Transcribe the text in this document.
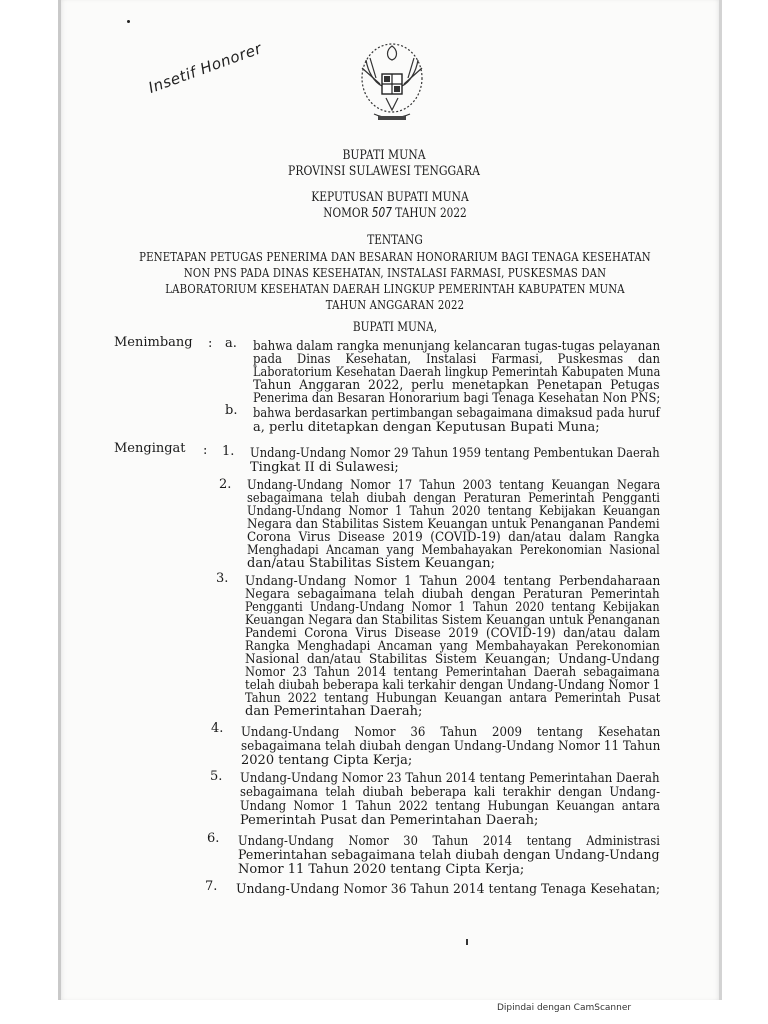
Insetif Honorer
BUPATI MUNA
PROVINSI SULAWESI TENGGARA
KEPUTUSAN BUPATI MUNA
NOMOR 507 TAHUN 2022
TENTANG
PENETAPAN PETUGAS PENERIMA DAN BESARAN HONORARIUM BAGI TENAGA KESEHATAN
NON PNS PADA DINAS KESEHATAN, INSTALASI FARMASI, PUSKESMAS DAN
LABORATORIUM KESEHATAN DAERAH LINGKUP PEMERINTAH KABUPATEN MUNA
TAHUN ANGGARAN 2022
BUPATI MUNA,
Menimbang : a. bahwa dalam rangka menunjang kelancaran tugas-tugas pelayanan
pada    Dinas    Kesehatan,    Instalasi    Farmasi,    Puskesmas    dan
Laboratorium Kesehatan Daerah lingkup Pemerintah Kabupaten Muna
Tahun  Anggaran  2022,  perlu  menetapkan  Penetapan  Petugas
Penerima dan Besaran Honorarium bagi Tenaga Kesehatan Non PNS;
b. bahwa berdasarkan pertimbangan sebagaimana dimaksud pada huruf
a, perlu ditetapkan dengan Keputusan Bupati Muna;
Mengingat : 1. Undang-Undang Nomor 29 Tahun 1959 tentang Pembentukan Daerah
Tingkat II di Sulawesi;
2. Undang-Undang  Nomor  17  Tahun  2003  tentang  Keuangan  Negara
sebagaimana  telah  diubah  dengan  Peraturan  Pemerintah  Pengganti
Undang-Undang  Nomor  1  Tahun  2020  tentang  Kebijakan  Keuangan
Negara dan Stabilitas Sistem Keuangan untuk Penanganan Pandemi
Corona  Virus  Disease  2019  (COVID-19)  dan/atau  dalam  Rangka
Menghadapi  Ancaman  yang  Membahayakan  Perekonomian  Nasional
dan/atau Stabilitas Sistem Keuangan;
3. Undang-Undang  Nomor  1  Tahun  2004  tentang  Perbendaharaan
Negara  sebagaimana  telah  diubah  dengan  Peraturan  Pemerintah
Pengganti  Undang-Undang  Nomor  1  Tahun  2020  tentang  Kebijakan
Keuangan Negara dan Stabilitas Sistem Keuangan untuk Penanganan
Pandemi  Corona  Virus  Disease  2019  (COVID-19)  dan/atau  dalam
Rangka  Menghadapi  Ancaman  yang  Membahayakan  Perekonomian
Nasional  dan/atau  Stabilitas  Sistem  Keuangan;  Undang-Undang
Nomor  23  Tahun  2014  tentang  Pemerintahan  Daerah  sebagaimana
telah diubah beberapa kali terkahir dengan Undang-Undang Nomor 1
Tahun  2022  tentang  Hubungan  Keuangan  antara  Pemerintah  Pusat
dan Pemerintahan Daerah;
4. Undang-Undang    Nomor    36    Tahun    2009    tentang    Kesehatan
sebagaimana telah diubah dengan Undang-Undang Nomor 11 Tahun
2020 tentang Cipta Kerja;
5. Undang-Undang Nomor 23 Tahun 2014 tentang Pemerintahan Daerah
sebagaimana  telah  diubah  beberapa  kali  terakhir  dengan  Undang-
Undang  Nomor  1  Tahun  2022  tentang  Hubungan  Keuangan  antara
Pemerintah Pusat dan Pemerintahan Daerah;
6. Undang-Undang    Nomor    30    Tahun    2014    tentang    Administrasi
Pemerintahan sebagaimana telah diubah dengan Undang-Undang
Nomor 11 Tahun 2020 tentang Cipta Kerja;
7. Undang-Undang Nomor 36 Tahun 2014 tentang Tenaga Kesehatan;
Dipindai dengan CamScanner
